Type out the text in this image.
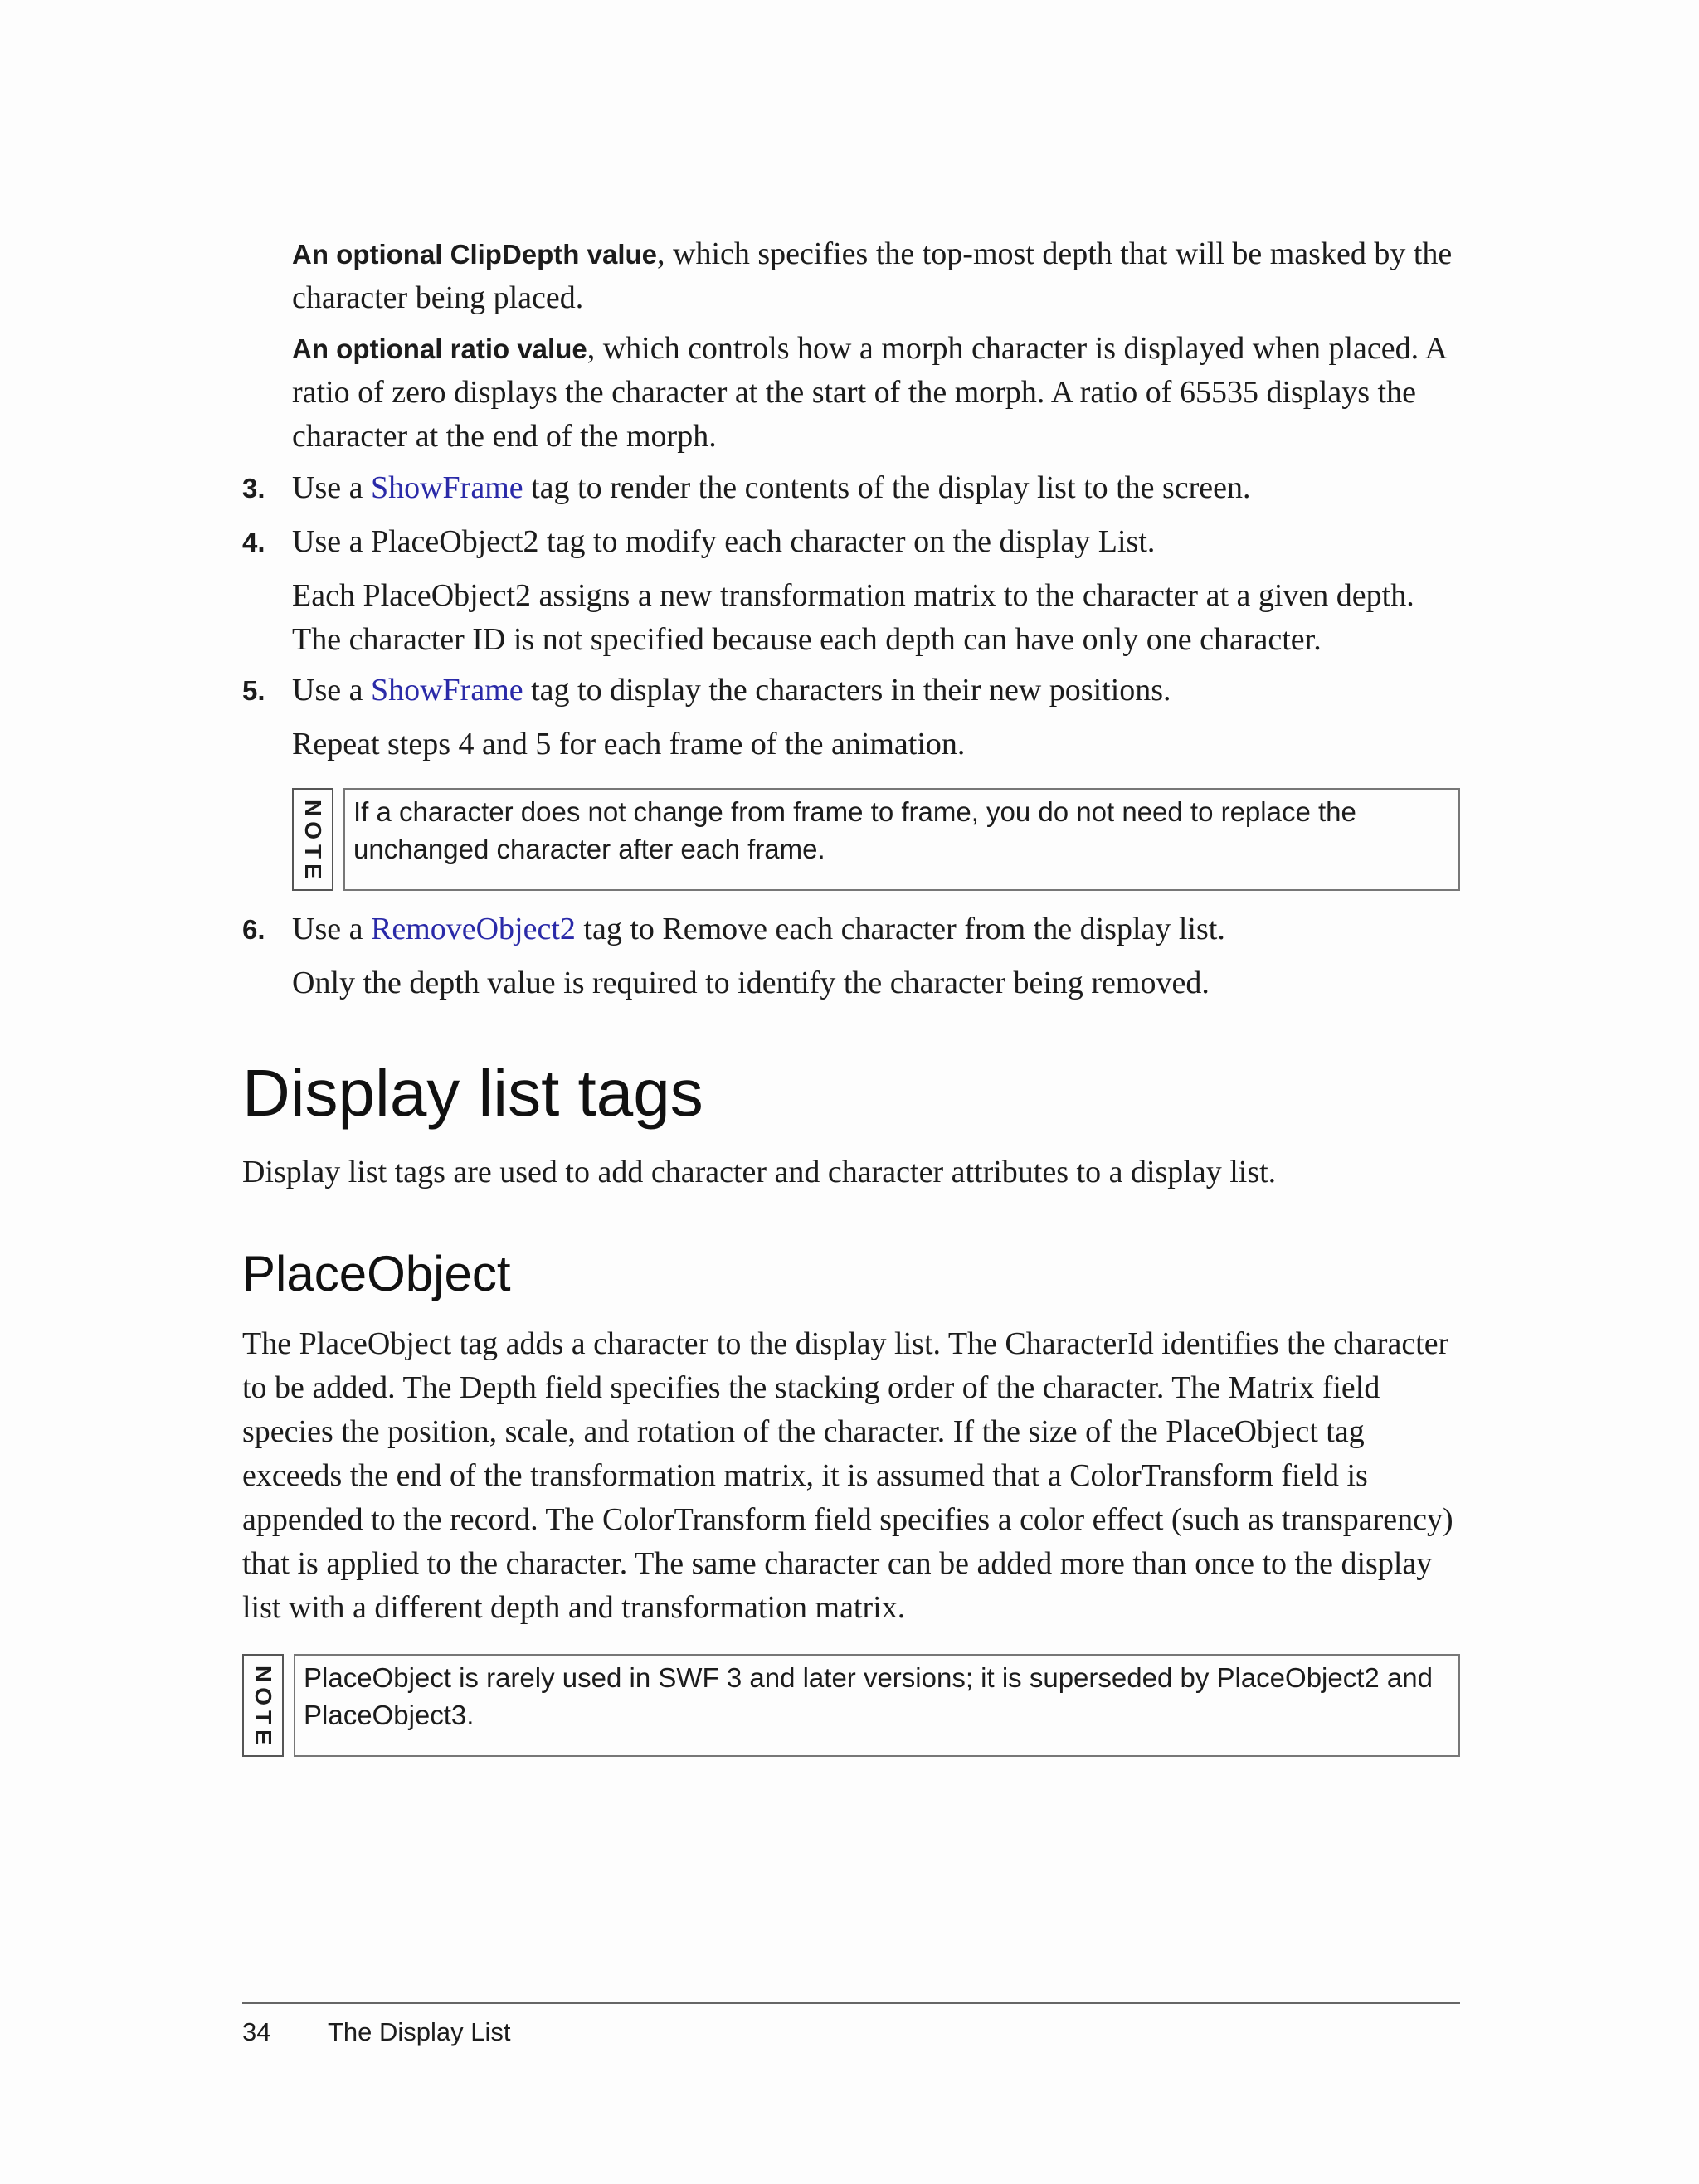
An optional ClipDepth value, which specifies the top-most depth that will be masked by the character being placed.

An optional ratio value, which controls how a morph character is displayed when placed. A ratio of zero displays the character at the start of the morph. A ratio of 65535 displays the character at the end of the morph.

3. Use a ShowFrame tag to render the contents of the display list to the screen.

4. Use a PlaceObject2 tag to modify each character on the display List.

Each PlaceObject2 assigns a new transformation matrix to the character at a given depth. The character ID is not specified because each depth can have only one character.

5. Use a ShowFrame tag to display the characters in their new positions.

Repeat steps 4 and 5 for each frame of the animation.

NOTE	If a character does not change from frame to frame, you do not need to replace the unchanged character after each frame.

6. Use a RemoveObject2 tag to Remove each character from the display list.

Only the depth value is required to identify the character being removed.

Display list tags

Display list tags are used to add character and character attributes to a display list.

PlaceObject

The PlaceObject tag adds a character to the display list. The CharacterId identifies the character to be added. The Depth field specifies the stacking order of the character. The Matrix field species the position, scale, and rotation of the character. If the size of the PlaceObject tag exceeds the end of the transformation matrix, it is assumed that a ColorTransform field is appended to the record. The ColorTransform field specifies a color effect (such as transparency) that is applied to the character. The same character can be added more than once to the display list with a different depth and transformation matrix.

NOTE	PlaceObject is rarely used in SWF 3 and later versions; it is superseded by PlaceObject2 and PlaceObject3.
34 The Display List
